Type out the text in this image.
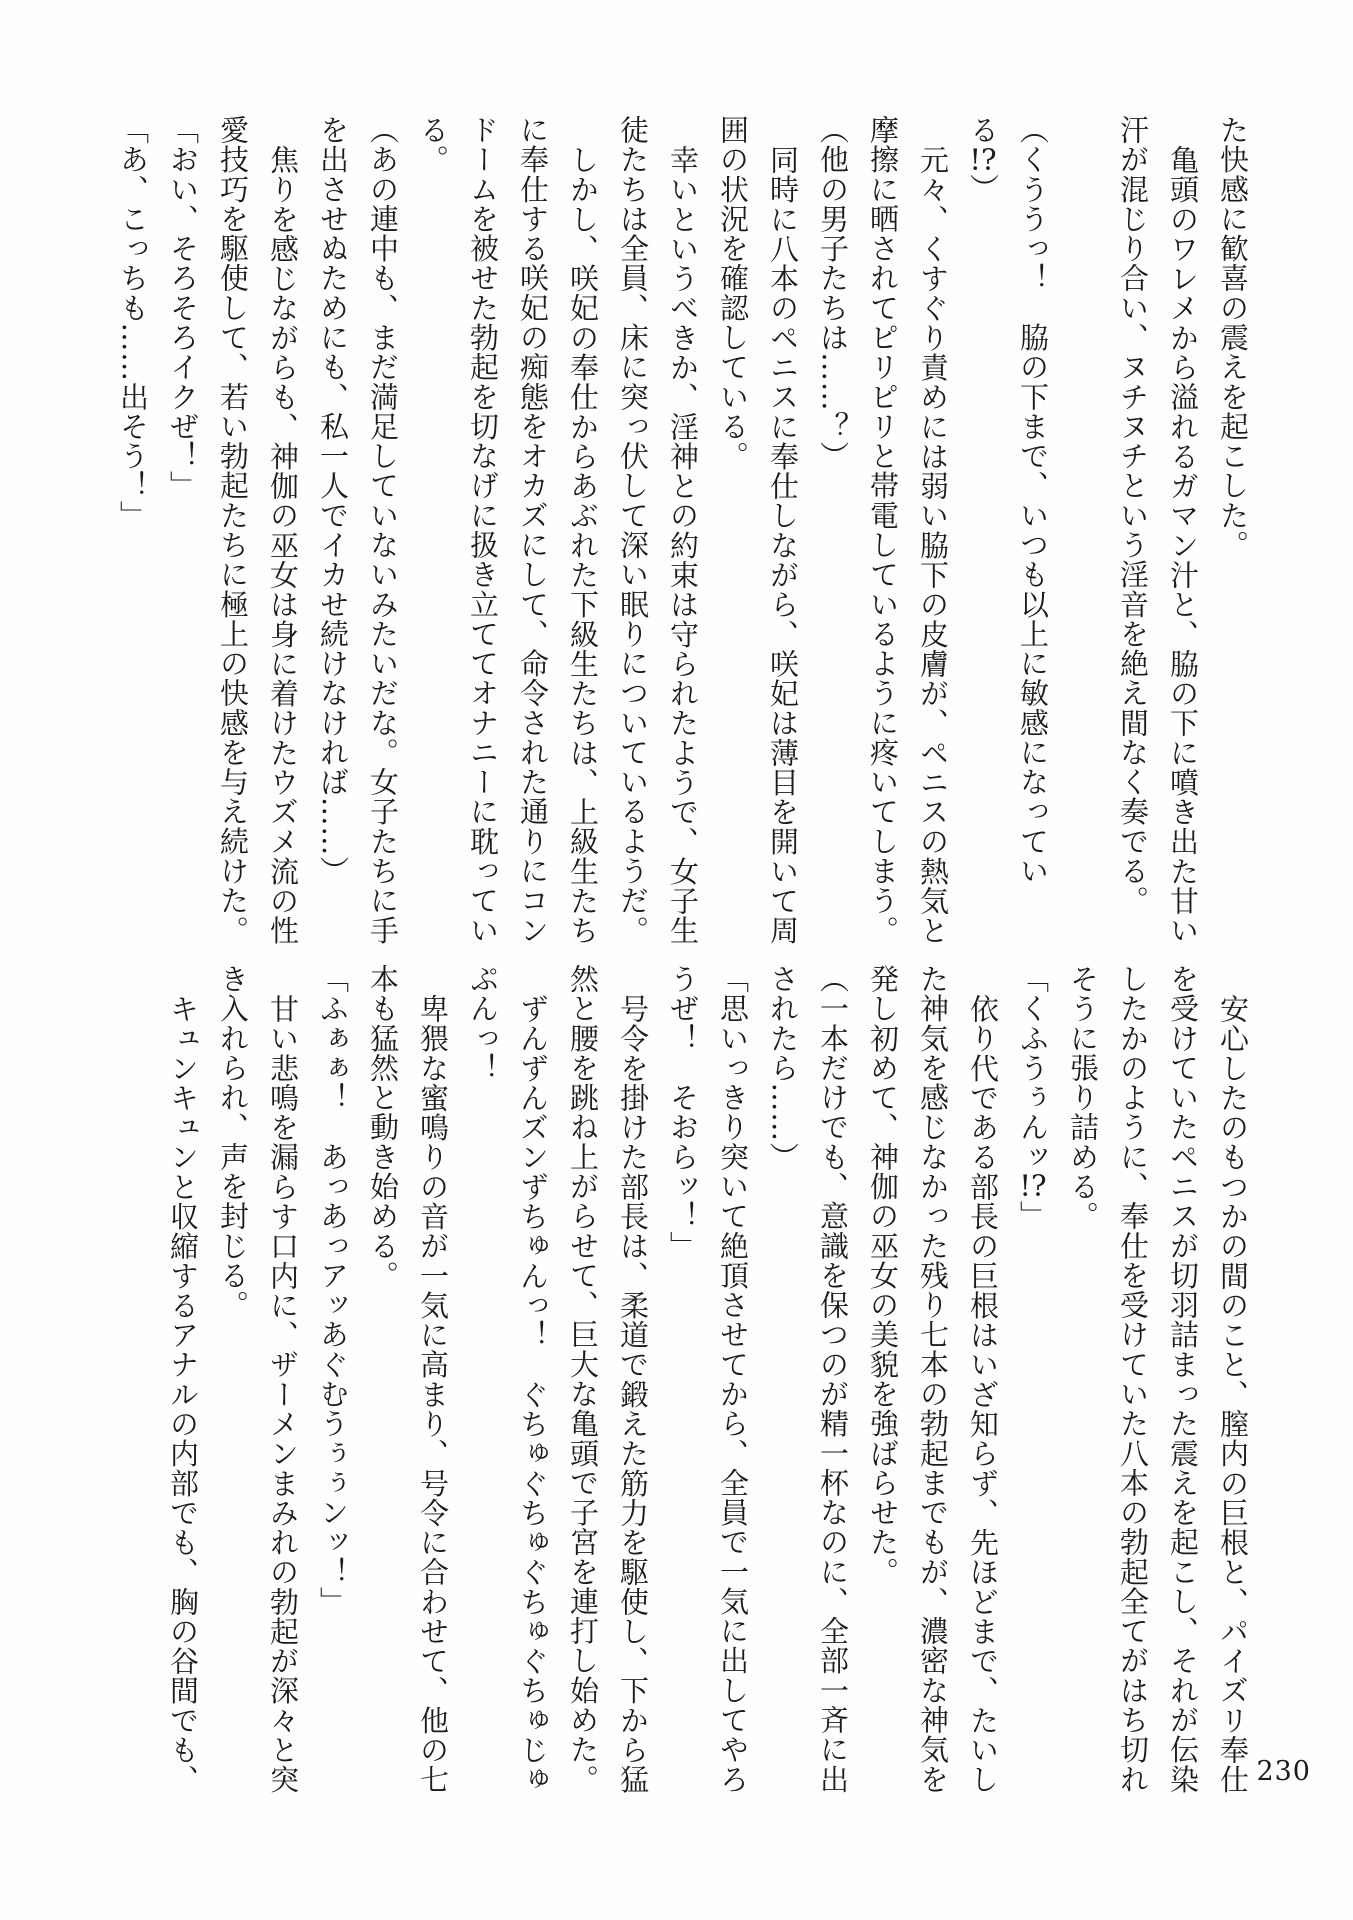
た快感に歓喜の震えを起こした。
亀頭のワレメから溢れるガマン汁と、脇の下に噴き出た甘い
汗が混じり合い、ヌチヌチという淫音を絶え間なく奏でる。
（くううっ！　脇の下まで、いつも以上に敏感になってい
る!?）
元々、くすぐり責めには弱い脇下の皮膚が、ペニスの熱気と
摩擦に晒されてピリピリと帯電しているように疼いてしまう。
（他の男子たちは……？）
同時に八本のペニスに奉仕しながら、咲妃は薄目を開いて周
囲の状況を確認している。
幸いというべきか、淫神との約束は守られたようで、女子生
徒たちは全員、床に突っ伏して深い眠りについているようだ。
しかし、咲妃の奉仕からあぶれた下級生たちは、上級生たち
に奉仕する咲妃の痴態をオカズにして、命令された通りにコン
ドームを被せた勃起を切なげに扱き立ててオナニーに耽ってい
る。
（あの連中も、まだ満足していないみたいだな。女子たちに手
を出させぬためにも、私一人でイカせ続けなければ……）
焦りを感じながらも、神伽の巫女は身に着けたウズメ流の性
愛技巧を駆使して、若い勃起たちに極上の快感を与え続けた。
「おい、そろそろイクぜ！」
「あ、こっちも……出そう！」
安心したのもつかの間のこと、膣内の巨根と、パイズリ奉仕
を受けていたペニスが切羽詰まった震えを起こし、それが伝染
したかのように、奉仕を受けていた八本の勃起全てがはち切れ
そうに張り詰める。
「くふうぅんッ!?」
依り代である部長の巨根はいざ知らず、先ほどまで、たいし
た神気を感じなかった残り七本の勃起までもが、濃密な神気を
発し初めて、神伽の巫女の美貌を強ばらせた。
（一本だけでも、意識を保つのが精一杯なのに、全部一斉に出
されたら……）
「思いっきり突いて絶頂させてから、全員で一気に出してやろ
うぜ！　そおらッ！」
号令を掛けた部長は、柔道で鍛えた筋力を駆使し、下から猛
然と腰を跳ね上がらせて、巨大な亀頭で子宮を連打し始めた。
ずんずんズンずちゅんっ！　ぐちゅぐちゅぐちゅぐちゅじゅ
ぷんっ！
卑猥な蜜鳴りの音が一気に高まり、号令に合わせて、他の七
本も猛然と動き始める。
「ふぁぁ！　あっあっアッあぐむうぅぅンッ！」
甘い悲鳴を漏らす口内に、ザーメンまみれの勃起が深々と突
き入れられ、声を封じる。
キュンキュンと収縮するアナルの内部でも、胸の谷間でも、	230
